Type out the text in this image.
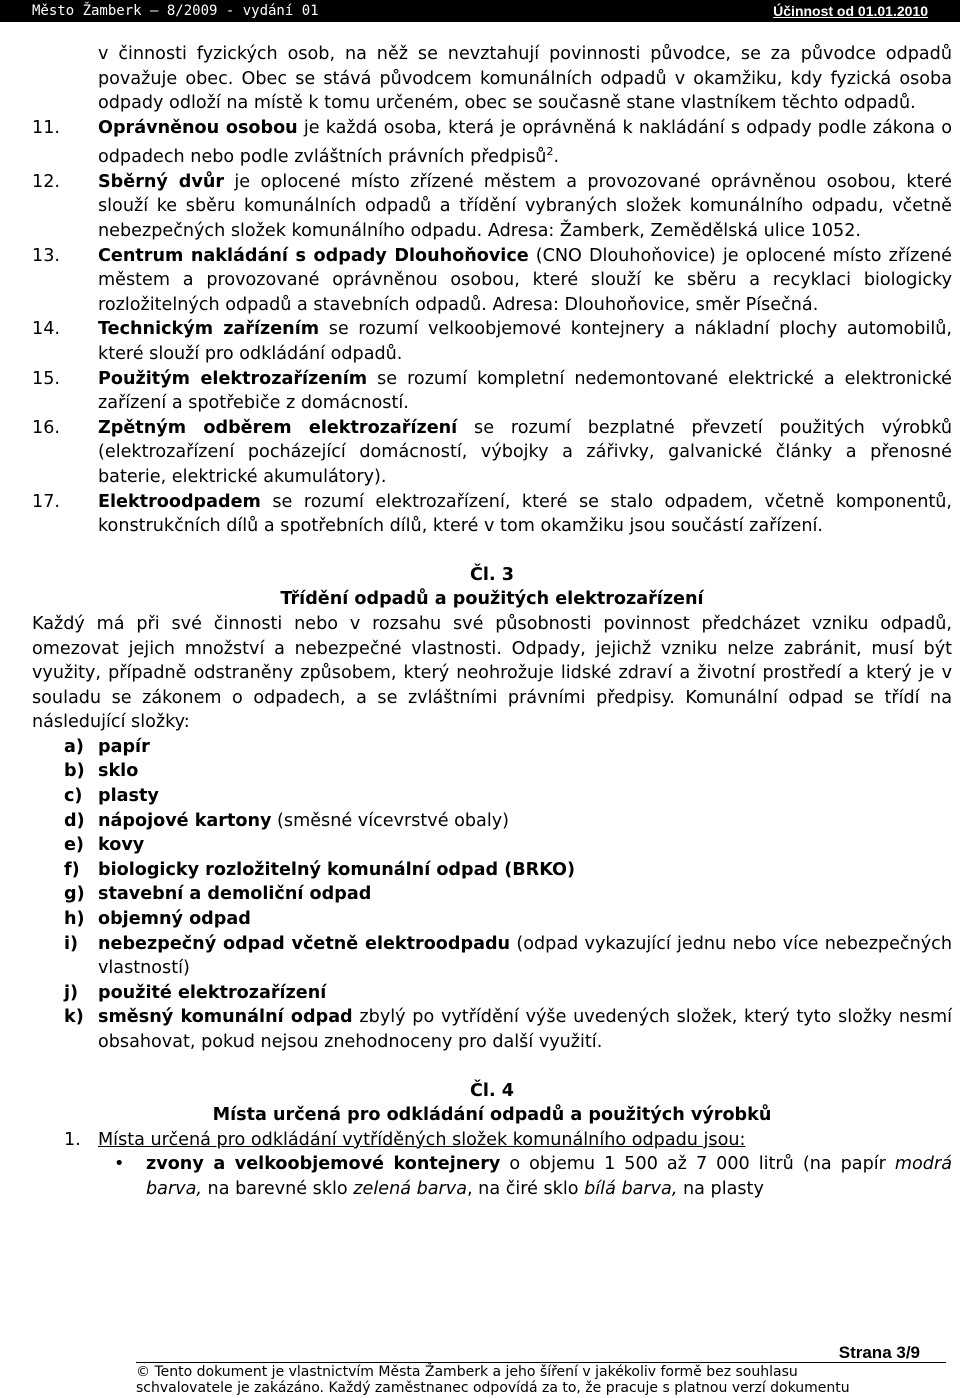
Město Žamberk – 8/2009 - vydání 01	Účinnost od 01.01.2010
v činnosti fyzických osob, na něž se nevztahují povinnosti původce, se za původce odpadů považuje obec. Obec se stává původcem komunálních odpadů v okamžiku, kdy fyzická osoba odpady odloží na místě k tomu určeném, obec se současně stane vlastníkem těchto odpadů.
11.	Oprávněnou osobou je každá osoba, která je oprávněná k nakládání s odpady podle zákona o odpadech nebo podle zvláštních právních předpisů$^2$.
12.	Sběrný dvůr je oplocené místo zřízené městem a provozované oprávněnou osobou, které slouží ke sběru komunálních odpadů a třídění vybraných složek komunálního odpadu, včetně nebezpečných složek komunálního odpadu. Adresa: Žamberk, Zemědělská ulice 1052.
13.	Centrum nakládání s odpady Dlouhoňovice (CNO Dlouhoňovice) je oplocené místo zřízené městem a provozované oprávněnou osobou, které slouží ke sběru a recyklaci biologicky rozložitelných odpadů a stavebních odpadů. Adresa: Dlouhoňovice, směr Písečná.
14.	Technickým zařízením se rozumí velkoobjemové kontejnery a nákladní plochy automobilů, které slouží pro odkládání odpadů.
15.	Použitým elektrozařízením se rozumí kompletní nedemontované elektrické a elektronické zařízení a spotřebiče z domácností.
16.	Zpětným odběrem elektrozařízení se rozumí bezplatné převzetí použitých výrobků (elektrozařízení pocházející domácností, výbojky a zářivky, galvanické články a přenosné baterie, elektrické akumulátory).
17.	Elektroodpadem se rozumí elektrozařízení, které se stalo odpadem, včetně komponentů, konstrukčních dílů a spotřebních dílů, které v tom okamžiku jsou součástí zařízení.
Čl. 3
Třídění odpadů a použitých elektrozařízení
Každý má při své činnosti nebo v rozsahu své působnosti povinnost předcházet vzniku odpadů, omezovat jejich množství a nebezpečné vlastnosti. Odpady, jejichž vzniku nelze zabránit, musí být využity, případně odstraněny způsobem, který neohrožuje lidské zdraví a životní prostředí a který je v souladu se zákonem o odpadech, a se zvláštními právními předpisy. Komunální odpad se třídí na následující složky:
a) papír
b) sklo
c) plasty
d) nápojové kartony (směsné vícevrstvé obaly)
e) kovy
f)	biologicky rozložitelný komunální odpad (BRKO)
g) stavební a demoliční odpad
h) objemný odpad
i)	nebezpečný odpad včetně elektroodpadu (odpad vykazující jednu nebo více nebezpečných vlastností)
j)	použité elektrozařízení
k) směsný komunální odpad zbylý po vytřídění výše uvedených složek, který tyto složky nesmí obsahovat, pokud nejsou znehodnoceny pro další využití.
Čl. 4
Místa určená pro odkládání odpadů a použitých výrobků
1. Místa určená pro odkládání vytříděných složek komunálního odpadu jsou:
•	zvony a velkoobjemové kontejnery o objemu 1 500 až 7 000 litrů (na papír modrá barva, na barevné sklo zelená barva, na čiré sklo bílá barva, na plasty
Strana 3/9
© Tento dokument je vlastnictvím Města Žamberk a jeho šíření v jakékoliv formě bez souhlasu
schvalovatele je zakázáno. Každý zaměstnanec odpovídá za to, že pracuje s platnou verzí dokumentu
